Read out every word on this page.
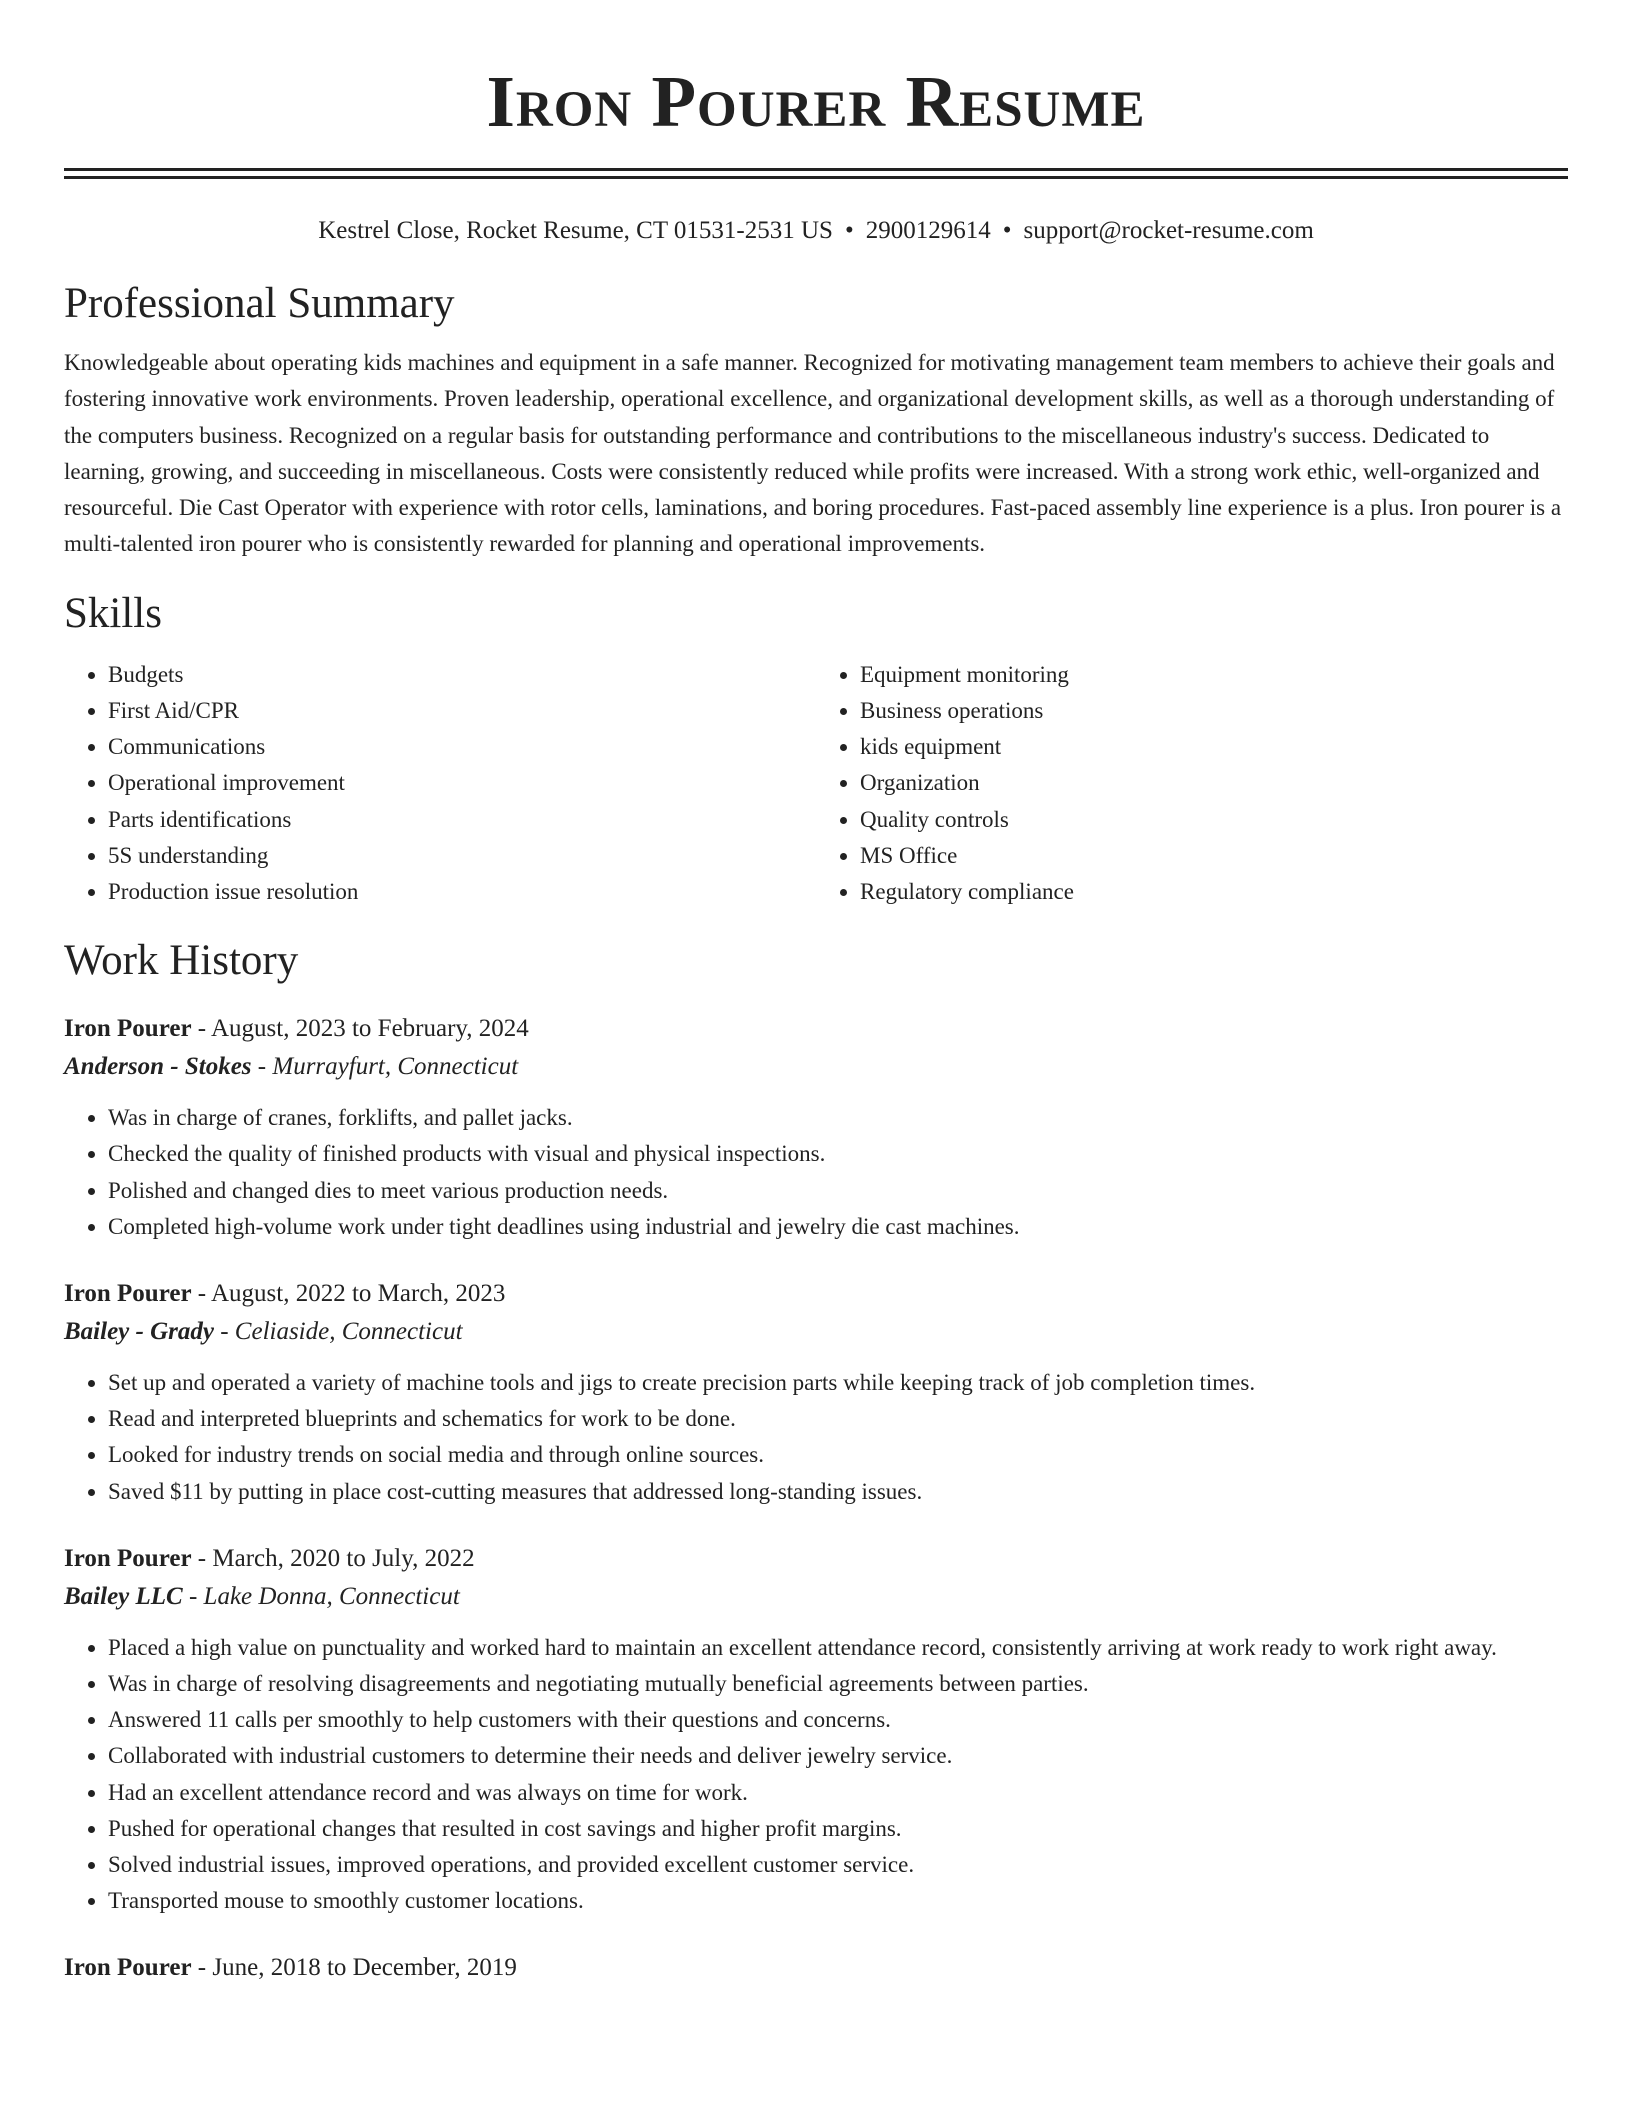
Iron Pourer Resume
Kestrel Close, Rocket Resume, CT 01531-2531 US • 2900129614 • support@rocket-resume.com
Professional Summary

Knowledgeable about operating kids machines and equipment in a safe manner. Recognized for motivating management team members to achieve their goals and fostering innovative work environments. Proven leadership, operational excellence, and organizational development skills, as well as a thorough understanding of the computers business. Recognized on a regular basis for outstanding performance and contributions to the miscellaneous industry's success. Dedicated to learning, growing, and succeeding in miscellaneous. Costs were consistently reduced while profits were increased. With a strong work ethic, well-organized and resourceful. Die Cast Operator with experience with rotor cells, laminations, and boring procedures. Fast-paced assembly line experience is a plus. Iron pourer is a multi-talented iron pourer who is consistently rewarded for planning and operational improvements.

Skills
• Budgets
• First Aid/CPR
• Communications
• Operational improvement
• Parts identifications
• 5S understanding
• Production issue resolution
• Equipment monitoring
• Business operations
• kids equipment
• Organization
• Quality controls
• MS Office
• Regulatory compliance
Work History

Iron Pourer - August, 2023 to February, 2024

Anderson - Stokes - Murrayfurt, Connecticut

• Was in charge of cranes, forklifts, and pallet jacks.
• Checked the quality of finished products with visual and physical inspections.
• Polished and changed dies to meet various production needs.
• Completed high-volume work under tight deadlines using industrial and jewelry die cast machines.

Iron Pourer - August, 2022 to March, 2023

Bailey - Grady - Celiaside, Connecticut

• Set up and operated a variety of machine tools and jigs to create precision parts while keeping track of job completion times.
• Read and interpreted blueprints and schematics for work to be done.
• Looked for industry trends on social media and through online sources.
• Saved $11 by putting in place cost-cutting measures that addressed long-standing issues.

Iron Pourer - March, 2020 to July, 2022

Bailey LLC - Lake Donna, Connecticut

• Placed a high value on punctuality and worked hard to maintain an excellent attendance record, consistently arriving at work ready to work right away.
• Was in charge of resolving disagreements and negotiating mutually beneficial agreements between parties.
• Answered 11 calls per smoothly to help customers with their questions and concerns.
• Collaborated with industrial customers to determine their needs and deliver jewelry service.
• Had an excellent attendance record and was always on time for work.
• Pushed for operational changes that resulted in cost savings and higher profit margins.
• Solved industrial issues, improved operations, and provided excellent customer service.
• Transported mouse to smoothly customer locations.

Iron Pourer - June, 2018 to December, 2019
